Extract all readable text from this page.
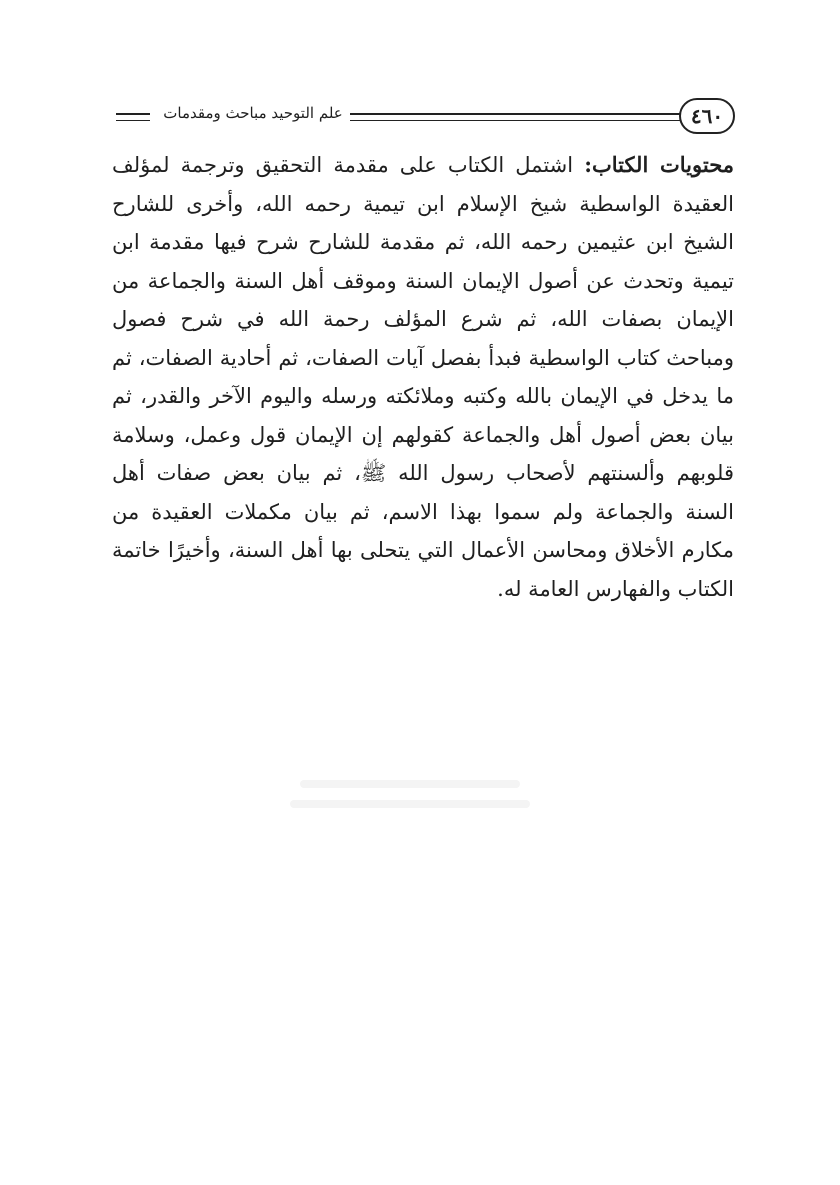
علم التوحيد مباحث ومقدمات	٤٦٠
محتويات الكتاب: اشتمل الكتاب على مقدمة التحقيق وترجمة لمؤلف العقيدة الواسطية شيخ الإسلام ابن تيمية رحمه الله، وأخرى للشارح الشيخ ابن عثيمين رحمه الله، ثم مقدمة للشارح شرح فيها مقدمة ابن تيمية وتحدث عن أصول الإيمان السنة وموقف أهل السنة والجماعة من الإيمان بصفات الله، ثم شرع المؤلف رحمة الله في شرح فصول ومباحث كتاب الواسطية فبدأ بفصل آيات الصفات، ثم أحادية الصفات، ثم ما يدخل في الإيمان بالله وكتبه وملائكته ورسله واليوم الآخر والقدر، ثم بيان بعض أصول أهل والجماعة كقولهم إن الإيمان قول وعمل، وسلامة قلوبهم وألسنتهم لأصحاب رسول الله ﷺ، ثم بيان بعض صفات أهل السنة والجماعة ولم سموا بهذا الاسم، ثم بيان مكملات العقيدة من مكارم الأخلاق ومحاسن الأعمال التي يتحلى بها أهل السنة، وأخيرًا خاتمة الكتاب والفهارس العامة له.
